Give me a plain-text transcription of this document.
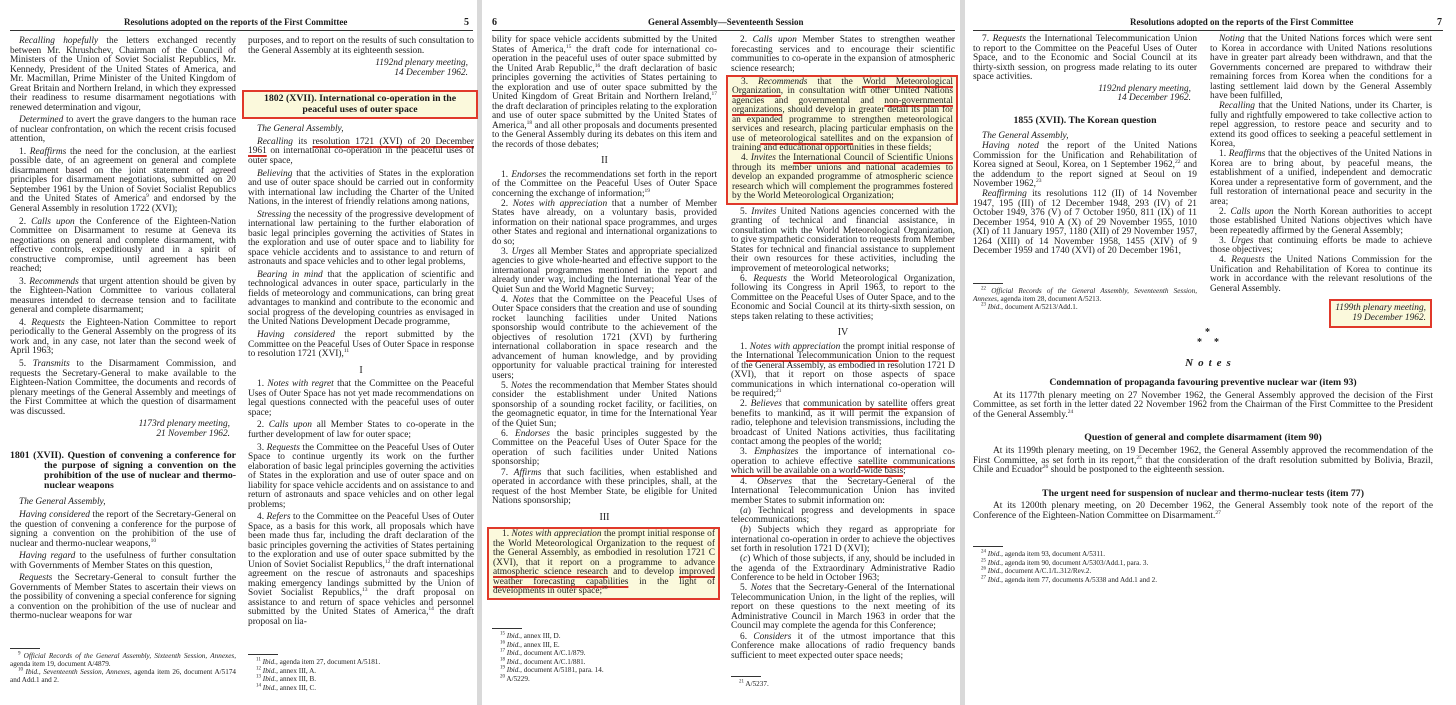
Resolutions adopted on the reports of the First Committee	5

Recalling hopefully the letters exchanged recently between Mr. Khrushchev, Chairman of the Council of Ministers of the Union of Soviet Socialist Republics, Mr. Kennedy, President of the United States of America, and Mr. Macmillan, Prime Minister of the United Kingdom of Great Britain and Northern Ireland, in which they expressed their readiness to resume disarmament negotiations with renewed determination and vigour,

Determined to avert the grave dangers to the human race of nuclear confrontation, on which the recent crisis focused attention,

1. Reaffirms the need for the conclusion, at the earliest possible date, of an agreement on general and complete disarmament based on the joint statement of agreed principles for disarmament negotiations, submitted on 20 September 1961 by the Union of Soviet Socialist Republics and the United States of America$^9$ and endorsed by the General Assembly in resolution 1722 (XVI);

2. Calls upon the Conference of the Eighteen-Nation Committee on Disarmament to resume at Geneva its negotiations on general and complete disarmament, with effective controls, expeditiously and in a spirit of constructive compromise, until agreement has been reached;

3. Recommends that urgent attention should be given by the Eighteen-Nation Committee to various collateral measures intended to decrease tension and to facilitate general and complete disarmament;

4. Requests the Eighteen-Nation Committee to report periodically to the General Assembly on the progress of its work and, in any case, not later than the second week of April 1963;

5. Transmits to the Disarmament Commission, and requests the Secretary-General to make available to the Eighteen-Nation Committee, the documents and records of plenary meetings of the General Assembly and meetings of the First Committee at which the question of disarmament was discussed.

1173rd plenary meeting,
21 November 1962.
1801 (XVII). Question of convening a conference for the purpose of signing a convention on the prohibition of the use of nuclear and thermo-nuclear weapons

The General Assembly,

Having considered the report of the Secretary-General on the question of convening a conference for the purpose of signing a convention on the prohibition of the use of nuclear and thermo-nuclear weapons,$^{10}$

Having regard to the usefulness of further consultation with Governments of Member States on this question,

Requests the Secretary-General to consult further the Governments of Member States to ascertain their views on the possibility of convening a special conference for signing a convention on the prohibition of the use of nuclear and thermo-nuclear weapons for war

$^9$ Official Records of the General Assembly, Sixteenth Session, Annexes, agenda item 19, document A/4879.

$^{10}$ Ibid., Seventeenth Session, Annexes, agenda item 26, document A/5174 and Add.1 and 2.

purposes, and to report on the results of such consultation to the General Assembly at its eighteenth session.

1192nd plenary meeting,
14 December 1962.
1802 (XVII). International co-operation in the peaceful uses of outer space

The General Assembly,

Recalling its resolution 1721 (XVI) of 20 December 1961 on international co-operation in the peaceful uses of outer space,

Believing that the activities of States in the exploration and use of outer space should be carried out in conformity with international law including the Charter of the United Nations, in the interest of friendly relations among nations,

Stressing the necessity of the progressive development of international law pertaining to the further elaboration of basic legal principles governing the activities of States in the exploration and use of outer space and to liability for space vehicle accidents and to assistance to and return of astronauts and space vehicles and to other legal problems,

Bearing in mind that the application of scientific and technological advances in outer space, particularly in the fields of meteorology and communications, can bring great advantages to mankind and contribute to the economic and social progress of the developing countries as envisaged in the United Nations Development Decade programme,

Having considered the report submitted by the Committee on the Peaceful Uses of Outer Space in response to resolution 1721 (XVI),$^{11}$

I

1. Notes with regret that the Committee on the Peaceful Uses of Outer Space has not yet made recommendations on legal questions connected with the peaceful uses of outer space;

2. Calls upon all Member States to co-operate in the further development of law for outer space;

3. Requests the Committee on the Peaceful Uses of Outer Space to continue urgently its work on the further elaboration of basic legal principles governing the activities of States in the exploration and use of outer space and on liability for space vehicle accidents and on assistance to and return of astronauts and space vehicles and on other legal problems;

4. Refers to the Committee on the Peaceful Uses of Outer Space, as a basis for this work, all proposals which have been made thus far, including the draft declaration of the basic principles governing the activities of States pertaining to the exploration and use of outer space submitted by the Union of Soviet Socialist Republics,$^{12}$ the draft international agreement on the rescue of astronauts and spaceships making emergency landings submitted by the Union of Soviet Socialist Republics,$^{13}$ the draft proposal on assistance to and return of space vehicles and personnel submitted by the United States of America,$^{14}$ the draft proposal on lia-

$^{11}$ Ibid., agenda item 27, document A/5181.

$^{12}$ Ibid., annex III, A.

$^{13}$ Ibid., annex III, B.

$^{14}$ Ibid., annex III, C.

6	General Assembly—Seventeenth Session

bility for space vehicle accidents submitted by the United States of America,$^{15}$ the draft code for international co-operation in the peaceful uses of outer space submitted by the United Arab Republic,$^{16}$ the draft declaration of basic principles governing the activities of States pertaining to the exploration and use of outer space submitted by the United Kingdom of Great Britain and Northern Ireland,$^{17}$ the draft declaration of principles relating to the exploration and use of outer space submitted by the United States of America,$^{18}$ and all other proposals and documents presented to the General Assembly during its debates on this item and the records of those debates;

II

1. Endorses the recommendations set forth in the report of the Committee on the Peaceful Uses of Outer Space concerning the exchange of information;$^{19}$

2. Notes with appreciation that a number of Member States have already, on a voluntary basis, provided information on their national space programmes, and urges other States and regional and international organizations to do so;

3. Urges all Member States and appropriate specialized agencies to give whole-hearted and effective support to the international programmes mentioned in the report and already under way, including the International Year of the Quiet Sun and the World Magnetic Survey;

4. Notes that the Committee on the Peaceful Uses of Outer Space considers that the creation and use of sounding rocket launching facilities under United Nations sponsorship would contribute to the achievement of the objectives of resolution 1721 (XVI) by furthering international collaboration in space research and the advancement of human knowledge, and by providing opportunity for valuable practical training for interested users;

5. Notes the recommendation that Member States should consider the establishment under United Nations sponsorship of a sounding rocket facility, or facilities, on the geomagnetic equator, in time for the International Year of the Quiet Sun;

6. Endorses the basic principles suggested by the Committee on the Peaceful Uses of Outer Space for the operation of such facilities under United Nations sponsorship;

7. Affirms that such facilities, when established and operated in accordance with these principles, shall, at the request of the host Member State, be eligible for United Nations sponsorship;

III

1. Notes with appreciation the prompt initial response of the World Meteorological Organization to the request of the General Assembly, as embodied in resolution 1721 C (XVI), that it report on a programme to advance atmospheric science research and to develop improved weather forecasting capabilities in the light of developments in outer space;$^{20}$

$^{15}$ Ibid., annex III, D.

$^{16}$ Ibid., annex III, E.

$^{17}$ Ibid., document A/C.1/879.

$^{18}$ Ibid., document A/C.1/881.

$^{19}$ Ibid., document A/5181, para. 14.

$^{20}$ A/5229.

2. Calls upon Member States to strengthen weather forecasting services and to encourage their scientific communities to co-operate in the expansion of atmospheric science research;

3. Recommends that the World Meteorological Organization, in consultation with other United Nations agencies and governmental and non-governmental organizations, should develop in greater detail its plan for an expanded programme to strengthen meteorological services and research, placing particular emphasis on the use of meteorological satellites and on the expansion of training and educational opportunities in these fields;

4. Invites the International Council of Scientific Unions through its member unions and national academies to develop an expanded programme of atmospheric science research which will complement the programmes fostered by the World Meteorological Organization;

5. Invites United Nations agencies concerned with the granting of technical and financial assistance, in consultation with the World Meteorological Organization, to give sympathetic consideration to requests from Member States for technical and financial assistance to supplement their own resources for these activities, including the improvement of meteorological networks;

6. Requests the World Meteorological Organization, following its Congress in April 1963, to report to the Committee on the Peaceful Uses of Outer Space, and to the Economic and Social Council at its thirty-sixth session, on steps taken relating to these activities;

IV

1. Notes with appreciation the prompt initial response of the International Telecommunication Union to the request of the General Assembly, as embodied in resolution 1721 D (XVI), that it report on those aspects of space communications in which international co-operation will be required;$^{21}$

2. Believes that communication by satellite offers great benefits to mankind, as it will permit the expansion of radio, telephone and television transmissions, including the broadcast of United Nations activities, thus facilitating contact among the peoples of the world;

3. Emphasizes the importance of international co-operation to achieve effective satellite communications which will be available on a world-wide basis;

4. Observes that the Secretary-General of the International Telecommunication Union has invited member States to submit information on:

(a) Technical progress and developments in space telecommunications;

(b) Subjects which they regard as appropriate for international co-operation in order to achieve the objectives set forth in resolution 1721 D (XVI);

(c) Which of those subjects, if any, should be included in the agenda of the Extraordinary Administrative Radio Conference to be held in October 1963;

5. Notes that the Secretary-General of the International Telecommunication Union, in the light of the replies, will report on these questions to the next meeting of its Administrative Council in March 1963 in order that the Council may complete the agenda for this Conference;

6. Considers it of the utmost importance that this Conference make allocations of radio frequency bands sufficient to meet expected outer space needs;

$^{21}$ A/5237.

Resolutions adopted on the reports of the First Committee	7

7. Requests the International Telecommunication Union to report to the Committee on the Peaceful Uses of Outer Space, and to the Economic and Social Council at its thirty-sixth session, on progress made relating to its outer space activities.

1192nd plenary meeting,
14 December 1962.
1855 (XVII). The Korean question

The General Assembly,

Having noted the report of the United Nations Commission for the Unification and Rehabilitation of Korea signed at Seoul, Korea, on 1 September 1962,22 and the addendum to the report signed at Seoul on 19 November 1962,23

Reaffirming its resolutions 112 (II) of 14 November 1947, 195 (III) of 12 December 1948, 293 (IV) of 21 October 1949, 376 (V) of 7 October 1950, 811 (IX) of 11 December 1954, 910 A (X) of 29 November 1955, 1010 (XI) of 11 January 1957, 1180 (XII) of 29 November 1957, 1264 (XIII) of 14 November 1958, 1455 (XIV) of 9 December 1959 and 1740 (XVI) of 20 December 1961,

$^{22}$ Official Records of the General Assembly, Seventeenth Session, Annexes, agenda item 28, document A/5213.

$^{23}$ Ibid., document A/5213/Add.1.

Noting that the United Nations forces which were sent to Korea in accordance with United Nations resolutions have in greater part already been withdrawn, and that the Governments concerned are prepared to withdraw their remaining forces from Korea when the conditions for a lasting settlement laid down by the General Assembly have been fulfilled,

Recalling that the United Nations, under its Charter, is fully and rightfully empowered to take collective action to repel aggression, to restore peace and security and to extend its good offices to seeking a peaceful settlement in Korea,

1. Reaffirms that the objectives of the United Nations in Korea are to bring about, by peaceful means, the establishment of a unified, independent and democratic Korea under a representative form of government, and the full restoration of international peace and security in the area;

2. Calls upon the North Korean authorities to accept those established United Nations objectives which have been repeatedly affirmed by the General Assembly;

3. Urges that continuing efforts be made to achieve those objectives;

4. Requests the United Nations Commission for the Unification and Rehabilitation of Korea to continue its work in accordance with the relevant resolutions of the General Assembly.

1199th plenary meeting,
19 December 1962.
*
* *
Notes
Condemnation of propaganda favouring preventive nuclear war (item 93)

At its 1177th plenary meeting on 27 November 1962, the General Assembly approved the decision of the First Committee, as set forth in the letter dated 22 November 1962 from the Chairman of the First Committee to the President of the General Assembly.$^{24}$

Question of general and complete disarmament (item 90)

At its 1199th plenary meeting, on 19 December 1962, the General Assembly approved the recommendation of the First Committee, as set forth in its report,$^{25}$ that the consideration of the draft resolution submitted by Bolivia, Brazil, Chile and Ecuador$^{26}$ should be postponed to the eighteenth session.

The urgent need for suspension of nuclear and thermo-nuclear tests (item 77)

At its 1200th plenary meeting, on 20 December 1962, the General Assembly took note of the report of the Conference of the Eighteen-Nation Committee on Disarmament.$^{27}$

$^{24}$ Ibid., agenda item 93, document A/5311.

$^{25}$ Ibid., agenda item 90, document A/5303/Add.1, para. 3.

$^{26}$ Ibid., document A/C.1/L.312/Rev.2.

$^{27}$ Ibid., agenda item 77, documents A/5338 and Add.1 and 2.
